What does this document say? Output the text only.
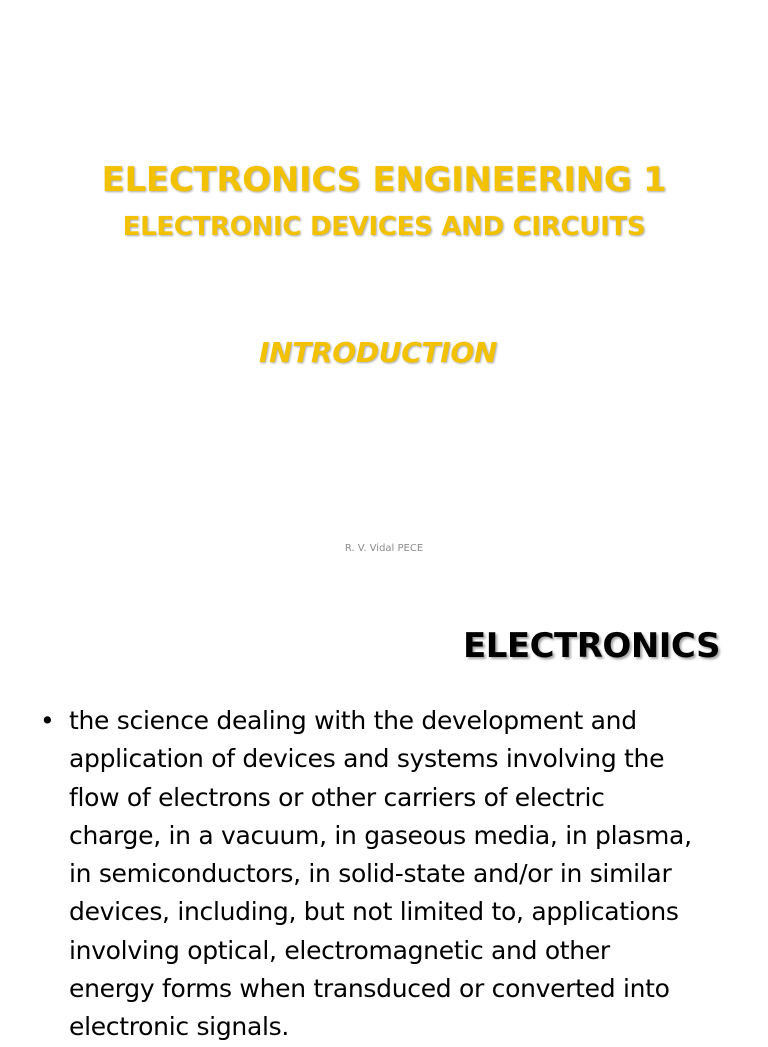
ELECTRONICS ENGINEERING 1
ELECTRONIC DEVICES AND CIRCUITS
INTRODUCTION
R. V. Vidal PECE
ELECTRONICS
• the science dealing with the development and
application of devices and systems involving the
flow of electrons or other carriers of electric
charge, in a vacuum, in gaseous media, in plasma,
in semiconductors, in solid-state and/or in similar
devices, including, but not limited to, applications
involving optical, electromagnetic and other
energy forms when transduced or converted into
electronic signals.
